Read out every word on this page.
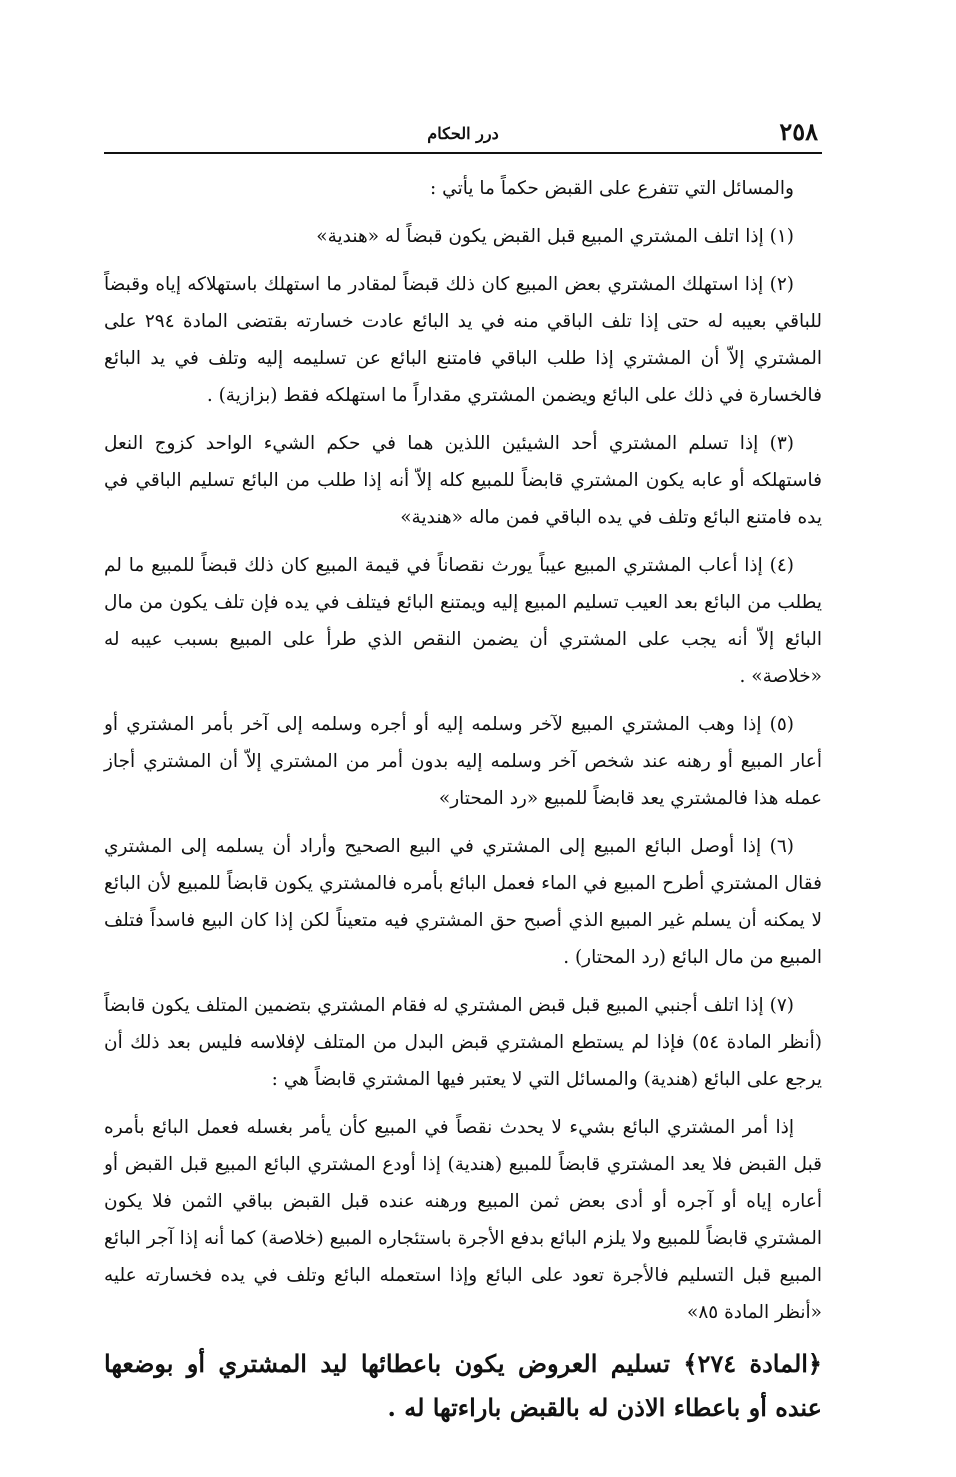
٢٥٨
درر الحكام

والمسائل التي تتفرع على القبض حكماً ما يأتي :

(١) إذا اتلف المشتري المبيع قبل القبض يكون قبضاً له «هندية»

(٢) إذا استهلك المشتري بعض المبيع كان ذلك قبضاً لمقادر ما استهلك باستهلاكه إياه وقبضاً للباقي بعيبه له حتى إذا تلف الباقي منه في يد البائع عادت خسارته بقتضى المادة ٢٩٤ على المشتري إلاّ أن المشتري إذا طلب الباقي فامتنع البائع عن تسليمه إليه وتلف في يد البائع فالخسارة في ذلك على البائع ويضمن المشتري مقداراً ما استهلكه فقط (بزازية) .

(٣) إذا تسلم المشتري أحد الشيئين اللذين هما في حكم الشيء الواحد كزوج النعل فاستهلكه أو عابه يكون المشتري قابضاً للمبيع كله إلاّ أنه إذا طلب من البائع تسليم الباقي في يده فامتنع البائع وتلف في يده الباقي فمن ماله «هندية»

(٤) إذا أعاب المشتري المبيع عيباً يورث نقصاناً في قيمة المبيع كان ذلك قبضاً للمبيع ما لم يطلب من البائع بعد العيب تسليم المبيع إليه ويمتنع البائع فيتلف في يده فإن تلف يكون من مال البائع إلاّ أنه يجب على المشتري أن يضمن النقص الذي طرأ على المبيع بسبب عيبه له «خلاصة» .

(٥) إذا وهب المشتري المبيع لآخر وسلمه إليه أو أجره وسلمه إلى آخر بأمر المشتري أو أعار المبيع أو رهنه عند شخص آخر وسلمه إليه بدون أمر من المشتري إلاّ أن المشتري أجاز عمله هذا فالمشتري يعد قابضاً للمبيع «رد المحتار»

(٦) إذا أوصل البائع المبيع إلى المشتري في البيع الصحيح وأراد أن يسلمه إلى المشتري فقال المشتري أطرح المبيع في الماء فعمل البائع بأمره فالمشتري يكون قابضاً للمبيع لأن البائع لا يمكنه أن يسلم غير المبيع الذي أصبح حق المشتري فيه متعيناً لكن إذا كان البيع فاسداً فتلف المبيع من مال البائع (رد المحتار) .

(٧) إذا اتلف أجنبي المبيع قبل قبض المشتري له فقام المشتري بتضمين المتلف يكون قابضاً (أنظر المادة ٥٤) فإذا لم يستطع المشتري قبض البدل من المتلف لإفلاسه فليس بعد ذلك أن يرجع على البائع (هندية) والمسائل التي لا يعتبر فيها المشتري قابضاً هي :

إذا أمر المشتري البائع بشيء لا يحدث نقصاً في المبيع كأن يأمر بغسله فعمل البائع بأمره قبل القبض فلا يعد المشتري قابضاً للمبيع (هندية) إذا أودع المشتري البائع المبيع قبل القبض أو أعاره إياه أو آجره أو أدى بعض ثمن المبيع ورهنه عنده قبل القبض بباقي الثمن فلا يكون المشتري قابضاً للمبيع ولا يلزم البائع بدفع الأجرة باستئجاره المبيع (خلاصة) كما أنه إذا آجر البائع المبيع قبل التسليم فالأجرة تعود على البائع وإذا استعمله البائع وتلف في يده فخسارته عليه «أنظر المادة ٨٥»

﴿المادة ٢٧٤﴾ تسليم العروض يكون باعطائها ليد المشتري أو بوضعها عنده أو باعطاء الاذن له بالقبض باراءتها له .
